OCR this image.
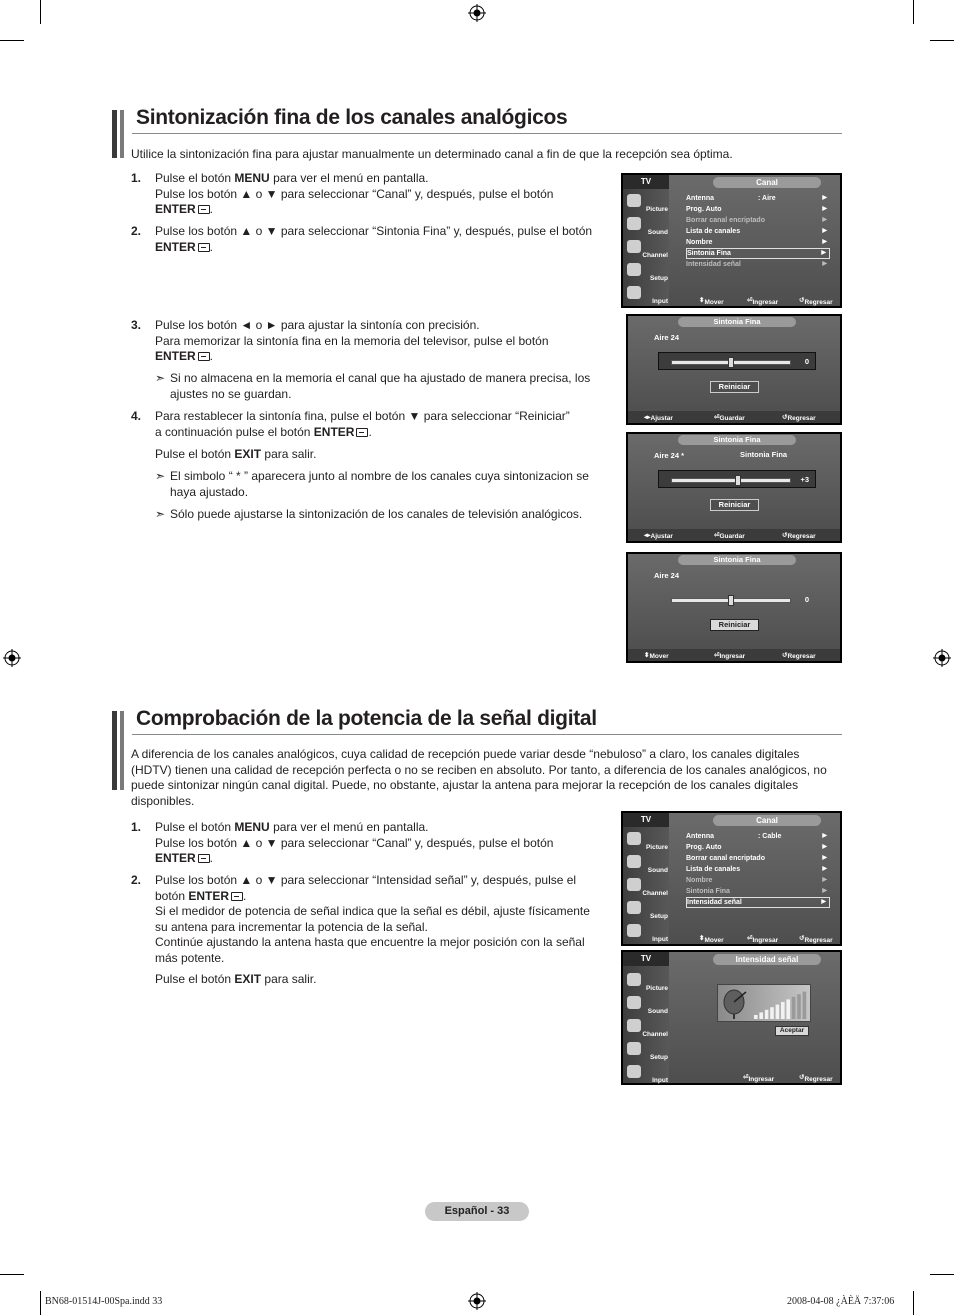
Sintonización fina de los canales analógicos
Utilice la sintonización fina para ajustar manualmente un determinado canal a fin de que la recepción sea óptima.
1. Pulse el botón MENU para ver el menú en pantalla.
Pulse los botón ▲ o ▼ para seleccionar “Canal” y, después, pulse el botón
ENTER .
2. Pulse los botón ▲ o ▼ para seleccionar “Sintonia Fina” y, después, pulse el botón
ENTER .
3. Pulse los botón ◄ o ► para ajustar la sintonía con precisión.
Para memorizar la sintonía fina en la memoria del televisor, pulse el botón
ENTER .
➣ Si no almacena en la memoria el canal que ha ajustado de manera precisa, los ajustes no se guardan.
4. Para restablecer la sintonía fina, pulse el botón ▼ para seleccionar “Reiniciar”
a continuación pulse el botón ENTER .
Pulse el botón EXIT para salir.
➣ El simbolo “ * ” aparecera junto al nombre de los canales cuya sintonizacion se haya ajustado.
➣ Sólo puede ajustarse la sintonización de los canales de televisión analógicos.
TV
Picture
Sound
Channel
Setup
Input
Canal
Antenna	: Aire	▶
Prog. Auto	▶
Borrar canal encriptado	▶
Lista de canales	▶
Nombre	▶
Sintonia Fina	▶
Intensidad señal	▶
⬍ Mover	⏎ Ingresar	↺ Regresar
Sintonia Fina
Aire 24
0
Reiniciar
◂▸ Ajustar	⏎ Guardar	↺ Regresar
Sintonia Fina
Aire 24 *	Sintonia Fina
+3
Reiniciar
◂▸ Ajustar	⏎ Guardar	↺ Regresar
Sintonia Fina
Aire 24
0
Reiniciar
⬍ Mover	⏎ Ingresar	↺ Regresar
Comprobación de la potencia de la señal digital
A diferencia de los canales analógicos, cuya calidad de recepción puede variar desde “nebuloso” a claro, los canales digitales (HDTV) tienen una calidad de recepción perfecta o no se reciben en absoluto. Por tanto, a diferencia de los canales analógicos, no puede sintonizar ningún canal digital. Puede, no obstante, ajustar la antena para mejorar la recepción de los canales digitales disponibles.
1. Pulse el botón MENU para ver el menú en pantalla.
Pulse los botón ▲ o ▼ para seleccionar “Canal” y, después, pulse el botón
ENTER .
2. Pulse los botón ▲ o ▼ para seleccionar “Intensidad señal” y, después, pulse el
botón ENTER .
Si el medidor de potencia de señal indica que la señal es débil, ajuste físicamente su antena para incrementar la potencia de la señal.
Continúe ajustando la antena hasta que encuentre la mejor posición con la señal más potente.
Pulse el botón EXIT para salir.
TV
Picture
Sound
Channel
Setup
Input
Canal
Antenna	: Cable	▶
Prog. Auto	▶
Borrar canal encriptado	▶
Lista de canales	▶
Nombre	▶
Sintonia Fina	▶
Intensidad señal	▶
⬍ Mover	⏎ Ingresar	↺ Regresar
TV
Picture
Sound
Channel
Setup
Input
Intensidad señal
Aceptar
⏎ Ingresar	↺ Regresar
Español - 33
BN68-01514J-00Spa.indd 33	2008-04-08 ¿ÀÈÄ 7:37:06
